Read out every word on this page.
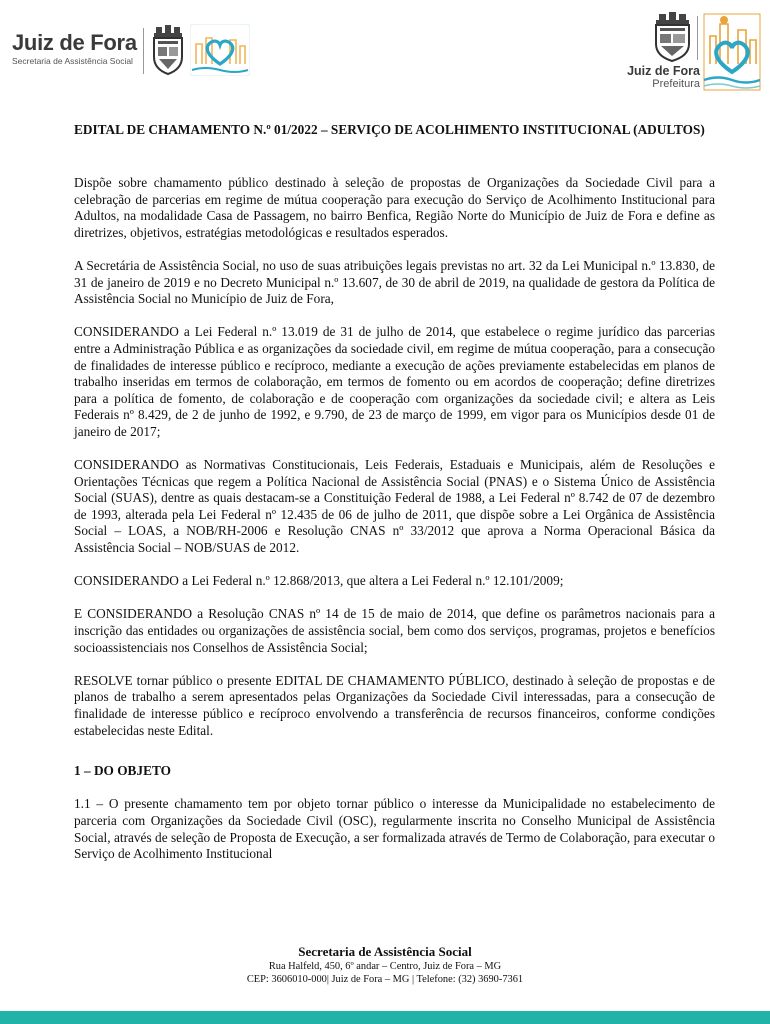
Juiz de Fora
Secretaria de Assistência Social
Juiz de Fora
Prefeitura

EDITAL DE CHAMAMENTO N.º 01/2022 – SERVIÇO DE ACOLHIMENTO INSTITUCIONAL (ADULTOS)

Dispõe sobre chamamento público destinado à seleção de propostas de Organizações da Sociedade Civil para a celebração de parcerias em regime de mútua cooperação para execução do Serviço de Acolhimento Institucional para Adultos, na modalidade Casa de Passagem, no bairro Benfica, Região Norte do Município de Juiz de Fora e define as diretrizes, objetivos, estratégias metodológicas e resultados esperados.

A Secretária de Assistência Social, no uso de suas atribuições legais previstas no art. 32 da Lei Municipal n.º 13.830, de 31 de janeiro de 2019 e no Decreto Municipal n.º 13.607, de 30 de abril de 2019, na qualidade de gestora da Política de Assistência Social no Município de Juiz de Fora,

CONSIDERANDO a Lei Federal n.º 13.019 de 31 de julho de 2014, que estabelece o regime jurídico das parcerias entre a Administração Pública e as organizações da sociedade civil, em regime de mútua cooperação, para a consecução de finalidades de interesse público e recíproco, mediante a execução de ações previamente estabelecidas em planos de trabalho inseridas em termos de colaboração, em termos de fomento ou em acordos de cooperação; define diretrizes para a política de fomento, de colaboração e de cooperação com organizações da sociedade civil; e altera as Leis Federais nº 8.429, de 2 de junho de 1992, e 9.790, de 23 de março de 1999, em vigor para os Municípios desde 01 de janeiro de 2017;

CONSIDERANDO as Normativas Constitucionais, Leis Federais, Estaduais e Municipais, além de Resoluções e Orientações Técnicas que regem a Política Nacional de Assistência Social (PNAS) e o Sistema Único de Assistência Social (SUAS), dentre as quais destacam-se a Constituição Federal de 1988, a Lei Federal nº 8.742 de 07 de dezembro de 1993, alterada pela Lei Federal nº 12.435 de 06 de julho de 2011, que dispõe sobre a Lei Orgânica de Assistência Social – LOAS, a NOB/RH-2006 e Resolução CNAS nº 33/2012 que aprova a Norma Operacional Básica da Assistência Social – NOB/SUAS de 2012.

CONSIDERANDO a Lei Federal n.º 12.868/2013, que altera a Lei Federal n.º 12.101/2009;

E CONSIDERANDO a Resolução CNAS nº 14 de 15 de maio de 2014, que define os parâmetros nacionais para a inscrição das entidades ou organizações de assistência social, bem como dos serviços, programas, projetos e benefícios socioassistenciais nos Conselhos de Assistência Social;

RESOLVE tornar público o presente EDITAL DE CHAMAMENTO PÚBLICO, destinado à seleção de propostas e de planos de trabalho a serem apresentados pelas Organizações da Sociedade Civil interessadas, para a consecução de finalidade de interesse público e recíproco envolvendo a transferência de recursos financeiros, conforme condições estabelecidas neste Edital.

1 – DO OBJETO

1.1 – O presente chamamento tem por objeto tornar público o interesse da Municipalidade no estabelecimento de parceria com Organizações da Sociedade Civil (OSC), regularmente inscrita no Conselho Municipal de Assistência Social, através de seleção de Proposta de Execução, a ser formalizada através de Termo de Colaboração, para executar o Serviço de Acolhimento Institucional

Secretaria de Assistência Social
Rua Halfeld, 450, 6º andar – Centro, Juiz de Fora – MG
CEP: 3606010-000| Juiz de Fora – MG | Telefone: (32) 3690-7361
